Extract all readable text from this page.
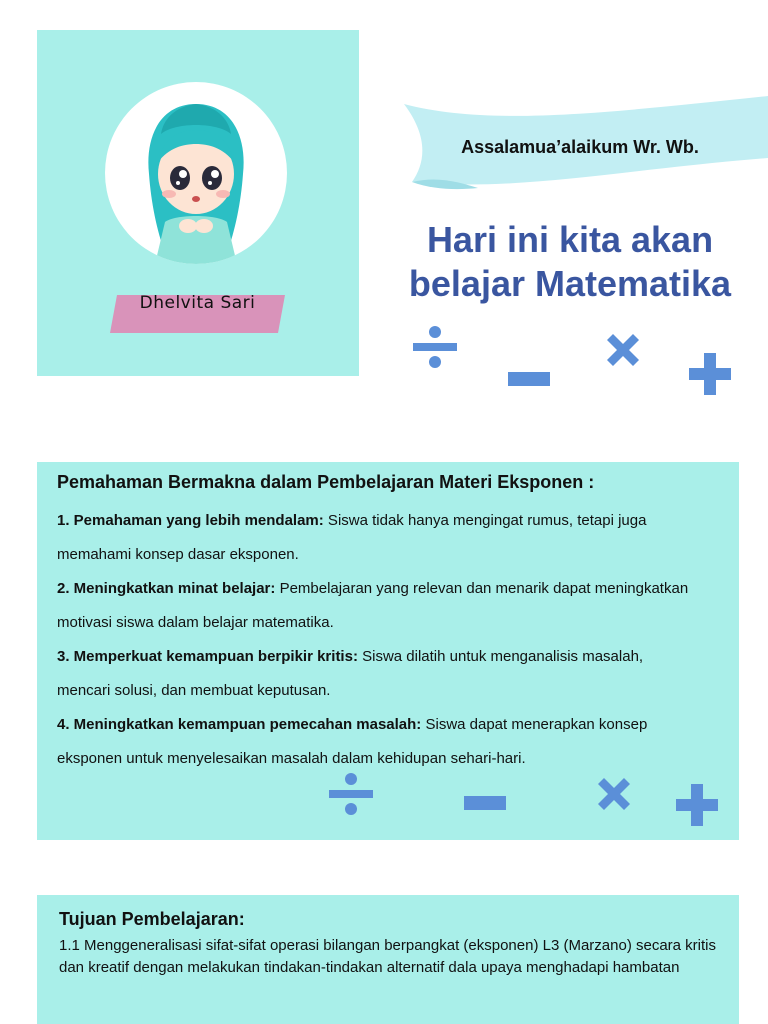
Dhelvita Sari
Assalamua’alaikum Wr. Wb.
Hari ini kita akan
belajar Matematika
Pemahaman Bermakna dalam Pembelajaran Materi Eksponen :

1. Pemahaman yang lebih mendalam: Siswa tidak hanya mengingat rumus, tetapi juga memahami konsep dasar eksponen.

2. Meningkatkan minat belajar: Pembelajaran yang relevan dan menarik dapat meningkatkan motivasi siswa dalam belajar matematika.

3. Memperkuat kemampuan berpikir kritis: Siswa dilatih untuk menganalisis masalah, mencari solusi, dan membuat keputusan.

4. Meningkatkan kemampuan pemecahan masalah: Siswa dapat menerapkan konsep eksponen untuk menyelesaikan masalah dalam kehidupan sehari-hari.

Tujuan Pembelajaran:
1.1 Menggeneralisasi sifat-sifat operasi bilangan berpangkat (eksponen) L3 (Marzano) secara kritis dan kreatif dengan melakukan tindakan-tindakan alternatif dala upaya menghadapi hambatan
